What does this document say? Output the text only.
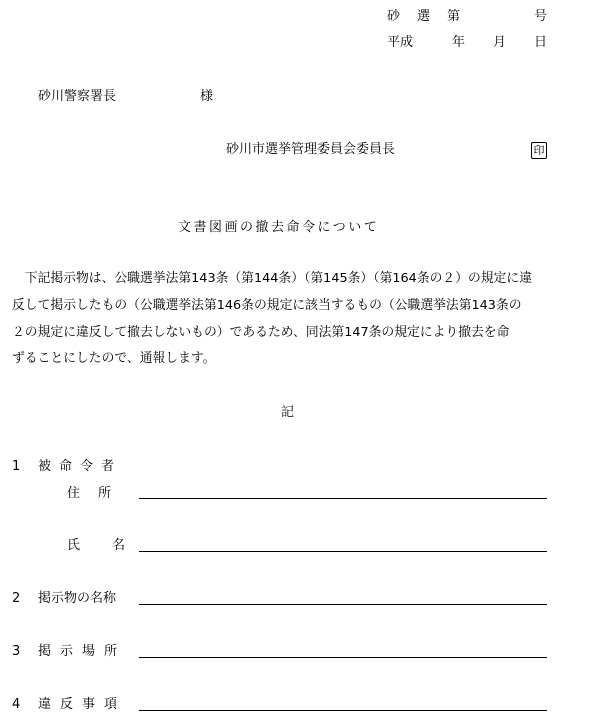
砂　選　第	号
平成	年 月 日
砂川警察署長	様
砂川市選挙管理委員会委員長	印
文書図画の撤去命令について
　下記掲示物は、公職選挙法第143条（第144条）（第145条）（第164条の２）の規定に違
反して掲示したもの（公職選挙法第146条の規定に該当するもの（公職選挙法第143条の
２の規定に違反して撤去しないもの）であるため、同法第147条の規定により撤去を命
ずることにしたので、通報します。
記
1 被命令者
住所
氏名
2 掲示物の名称
3 掲示場所
4 違反事項
